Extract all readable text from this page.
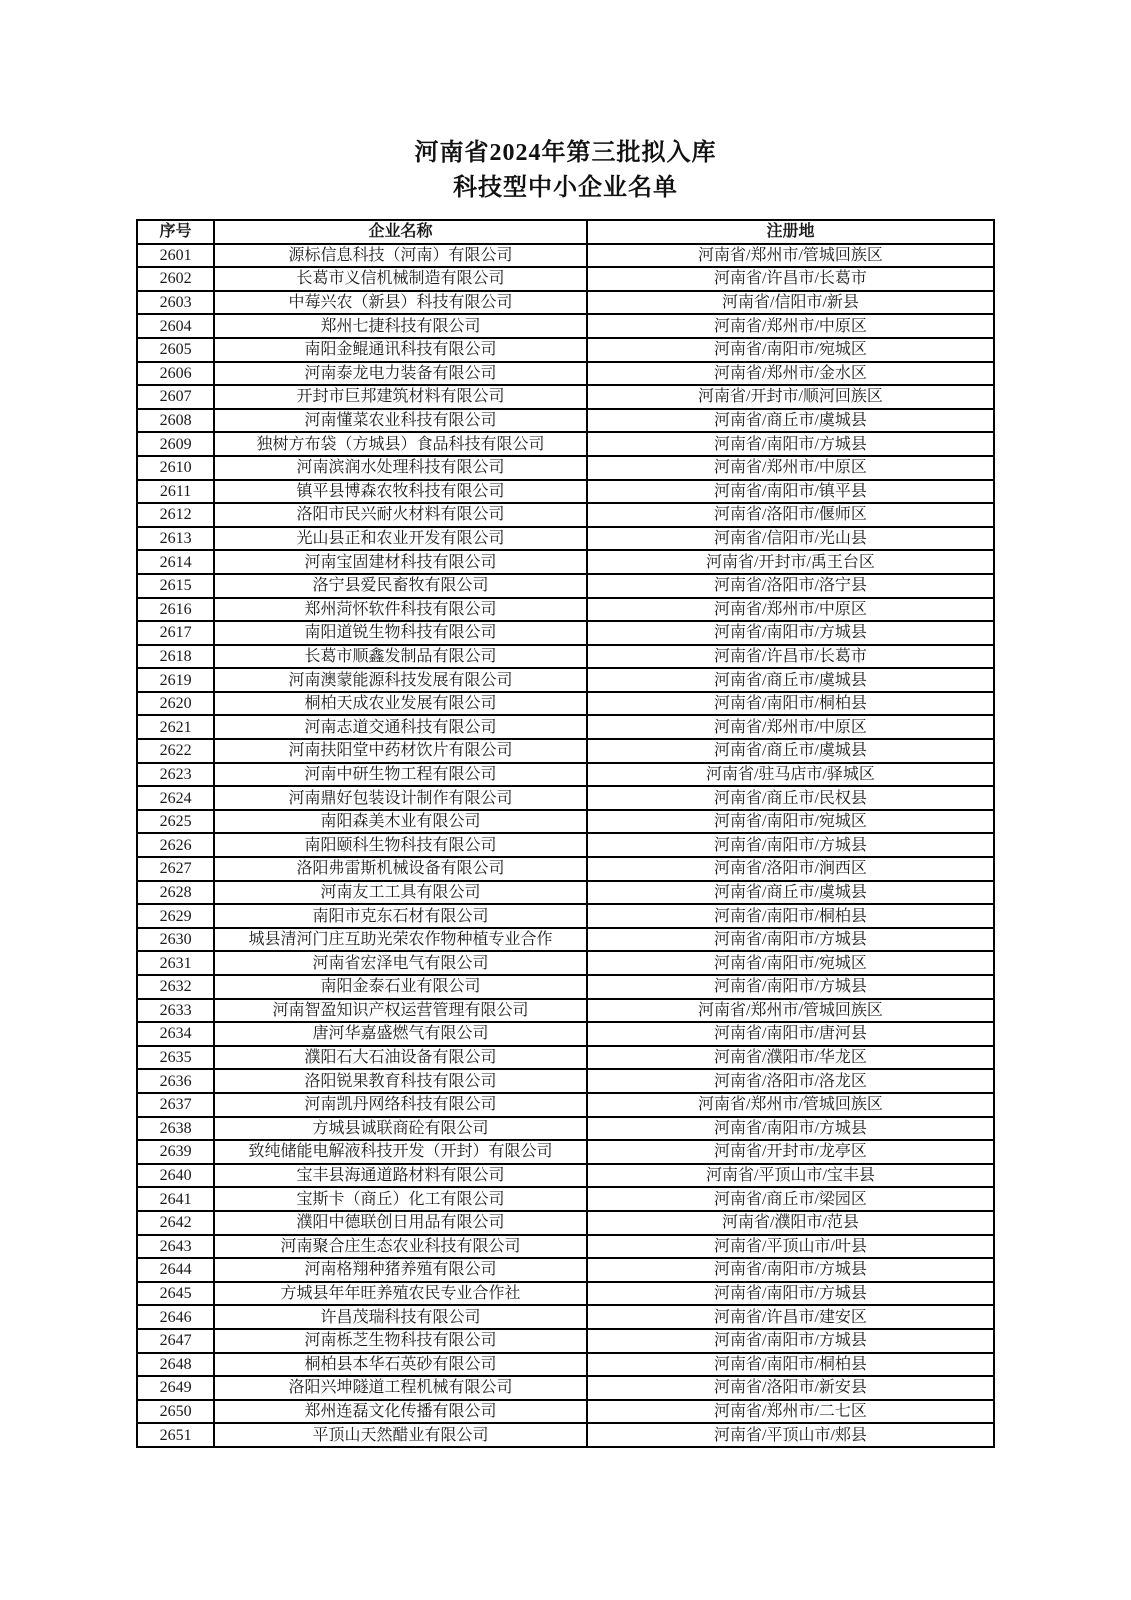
河南省2024年第三批拟入库
科技型中小企业名单
序号	企业名称	注册地
2601	源标信息科技（河南）有限公司	河南省/郑州市/管城回族区
2602	长葛市义信机械制造有限公司	河南省/许昌市/长葛市
2603	中莓兴农（新县）科技有限公司	河南省/信阳市/新县
2604	郑州七捷科技有限公司	河南省/郑州市/中原区
2605	南阳金鲲通讯科技有限公司	河南省/南阳市/宛城区
2606	河南泰龙电力装备有限公司	河南省/郑州市/金水区
2607	开封市巨邦建筑材料有限公司	河南省/开封市/顺河回族区
2608	河南懂菜农业科技有限公司	河南省/商丘市/虞城县
2609	独树方布袋（方城县）食品科技有限公司	河南省/南阳市/方城县
2610	河南滨润水处理科技有限公司	河南省/郑州市/中原区
2611	镇平县博森农牧科技有限公司	河南省/南阳市/镇平县
2612	洛阳市民兴耐火材料有限公司	河南省/洛阳市/偃师区
2613	光山县正和农业开发有限公司	河南省/信阳市/光山县
2614	河南宝固建材科技有限公司	河南省/开封市/禹王台区
2615	洛宁县爱民畜牧有限公司	河南省/洛阳市/洛宁县
2616	郑州菏怀软件科技有限公司	河南省/郑州市/中原区
2617	南阳道锐生物科技有限公司	河南省/南阳市/方城县
2618	长葛市顺鑫发制品有限公司	河南省/许昌市/长葛市
2619	河南澳蒙能源科技发展有限公司	河南省/商丘市/虞城县
2620	桐柏天成农业发展有限公司	河南省/南阳市/桐柏县
2621	河南志道交通科技有限公司	河南省/郑州市/中原区
2622	河南扶阳堂中药材饮片有限公司	河南省/商丘市/虞城县
2623	河南中研生物工程有限公司	河南省/驻马店市/驿城区
2624	河南鼎好包装设计制作有限公司	河南省/商丘市/民权县
2625	南阳森美木业有限公司	河南省/南阳市/宛城区
2626	南阳颐科生物科技有限公司	河南省/南阳市/方城县
2627	洛阳弗雷斯机械设备有限公司	河南省/洛阳市/涧西区
2628	河南友工工具有限公司	河南省/商丘市/虞城县
2629	南阳市克东石材有限公司	河南省/南阳市/桐柏县
2630	城县清河门庄互助光荣农作物种植专业合作	河南省/南阳市/方城县
2631	河南省宏泽电气有限公司	河南省/南阳市/宛城区
2632	南阳金泰石业有限公司	河南省/南阳市/方城县
2633	河南智盈知识产权运营管理有限公司	河南省/郑州市/管城回族区
2634	唐河华嘉盛燃气有限公司	河南省/南阳市/唐河县
2635	濮阳石大石油设备有限公司	河南省/濮阳市/华龙区
2636	洛阳锐果教育科技有限公司	河南省/洛阳市/洛龙区
2637	河南凯丹网络科技有限公司	河南省/郑州市/管城回族区
2638	方城县诚联商砼有限公司	河南省/南阳市/方城县
2639	致纯储能电解液科技开发（开封）有限公司	河南省/开封市/龙亭区
2640	宝丰县海通道路材料有限公司	河南省/平顶山市/宝丰县
2641	宝斯卡（商丘）化工有限公司	河南省/商丘市/梁园区
2642	濮阳中德联创日用品有限公司	河南省/濮阳市/范县
2643	河南聚合庄生态农业科技有限公司	河南省/平顶山市/叶县
2644	河南格翔种猪养殖有限公司	河南省/南阳市/方城县
2645	方城县年年旺养殖农民专业合作社	河南省/南阳市/方城县
2646	许昌茂瑞科技有限公司	河南省/许昌市/建安区
2647	河南栎芝生物科技有限公司	河南省/南阳市/方城县
2648	桐柏县本华石英砂有限公司	河南省/南阳市/桐柏县
2649	洛阳兴坤隧道工程机械有限公司	河南省/洛阳市/新安县
2650	郑州连磊文化传播有限公司	河南省/郑州市/二七区
2651	平顶山天然醋业有限公司	河南省/平顶山市/郏县
